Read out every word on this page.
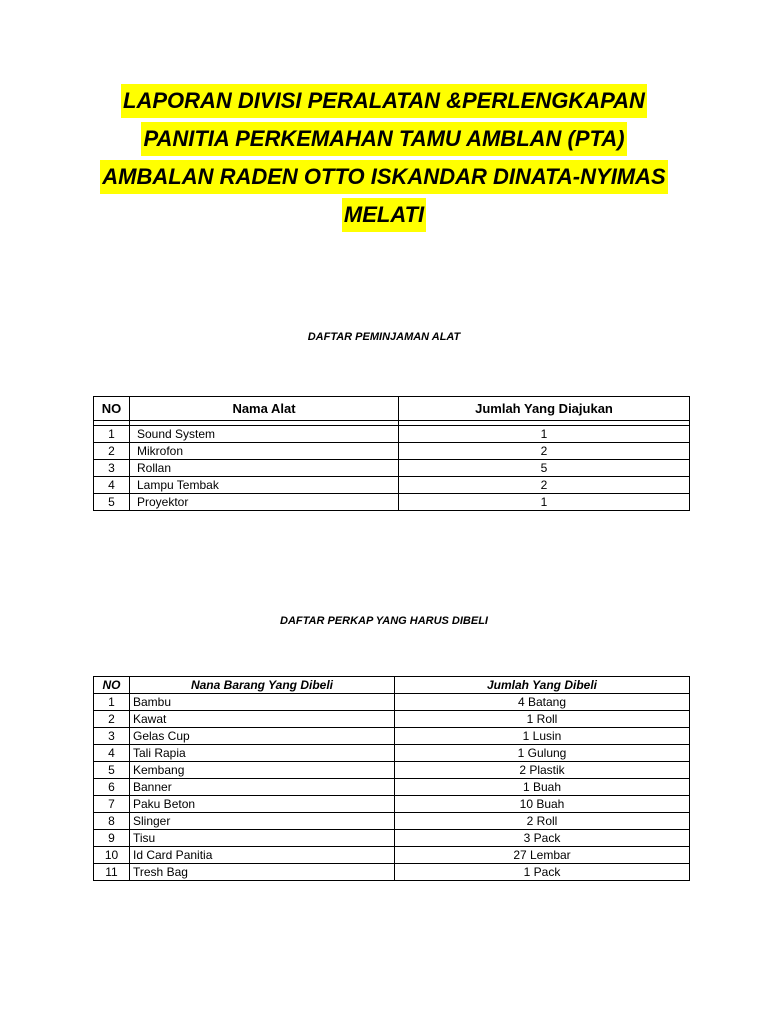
LAPORAN DIVISI PERALATAN &PERLENGKAPAN
PANITIA PERKEMAHAN TAMU AMBLAN (PTA)
AMBALAN RADEN OTTO ISKANDAR DINATA-NYIMAS
MELATI
DAFTAR PEMINJAMAN ALAT
NO	Nama Alat	Jumlah Yang Diajukan

1	Sound System	1
2	Mikrofon	2
3	Rollan	5
4	Lampu Tembak	2
5	Proyektor	1
DAFTAR PERKAP YANG HARUS DIBELI
NO	Nana Barang Yang Dibeli	Jumlah Yang Dibeli
1	Bambu	4 Batang
2	Kawat	1 Roll
3	Gelas Cup	1 Lusin
4	Tali Rapia	1 Gulung
5	Kembang	2 Plastik
6	Banner	1 Buah
7	Paku Beton	10 Buah
8	Slinger	2 Roll
9	Tisu	3 Pack
10	Id Card Panitia	27 Lembar
11	Tresh Bag	1 Pack
